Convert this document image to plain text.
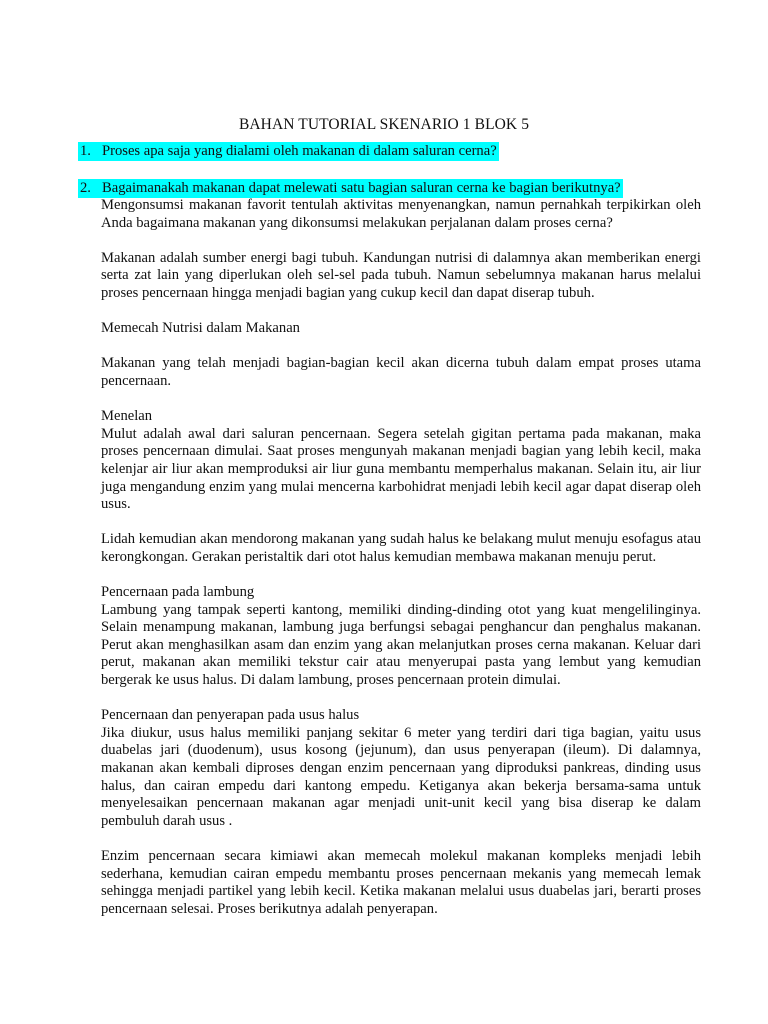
BAHAN TUTORIAL SKENARIO 1 BLOK 5
1. Proses apa saja yang dialami oleh makanan di dalam saluran cerna?
2. Bagaimanakah makanan dapat melewati satu bagian saluran cerna ke bagian berikutnya?

Mengonsumsi makanan favorit tentulah aktivitas menyenangkan, namun pernahkah terpikirkan oleh Anda bagaimana makanan yang dikonsumsi melakukan perjalanan dalam proses cerna?

Makanan adalah sumber energi bagi tubuh. Kandungan nutrisi di dalamnya akan memberikan energi serta zat lain yang diperlukan oleh sel-sel pada tubuh. Namun sebelumnya makanan harus melalui proses pencernaan hingga menjadi bagian yang cukup kecil dan dapat diserap tubuh.

Memecah Nutrisi dalam Makanan

Makanan yang telah menjadi bagian-bagian kecil akan dicerna tubuh dalam empat proses utama pencernaan.

Menelan

Mulut adalah awal dari saluran pencernaan. Segera setelah gigitan pertama pada makanan, maka proses pencernaan dimulai. Saat proses mengunyah makanan menjadi bagian yang lebih kecil, maka kelenjar air liur akan memproduksi air liur guna membantu memperhalus makanan. Selain itu, air liur juga mengandung enzim yang mulai mencerna karbohidrat menjadi lebih kecil agar dapat diserap oleh usus.

Lidah kemudian akan mendorong makanan yang sudah halus ke belakang mulut menuju esofagus atau kerongkongan. Gerakan peristaltik dari otot halus kemudian membawa makanan menuju perut.

Pencernaan pada lambung

Lambung yang tampak seperti kantong, memiliki dinding-dinding otot yang kuat mengelilinginya. Selain menampung makanan, lambung juga berfungsi sebagai penghancur dan penghalus makanan. Perut akan menghasilkan asam dan enzim yang akan melanjutkan proses cerna makanan. Keluar dari perut, makanan akan memiliki tekstur cair atau menyerupai pasta yang lembut yang kemudian bergerak ke usus halus. Di dalam lambung, proses pencernaan protein dimulai.

Pencernaan dan penyerapan pada usus halus

Jika diukur, usus halus memiliki panjang sekitar 6 meter yang terdiri dari tiga bagian, yaitu usus duabelas jari (duodenum), usus kosong (jejunum), dan usus penyerapan (ileum). Di dalamnya, makanan akan kembali diproses dengan enzim pencernaan yang diproduksi pankreas, dinding usus halus, dan cairan empedu dari kantong empedu. Ketiganya akan bekerja bersama-sama untuk menyelesaikan pencernaan makanan agar menjadi unit-unit kecil yang bisa diserap ke dalam pembuluh darah usus .

Enzim pencernaan secara kimiawi akan memecah molekul makanan kompleks menjadi lebih sederhana, kemudian cairan empedu membantu proses pencernaan mekanis yang memecah lemak sehingga menjadi partikel yang lebih kecil. Ketika makanan melalui usus duabelas jari, berarti proses pencernaan selesai. Proses berikutnya adalah penyerapan.
